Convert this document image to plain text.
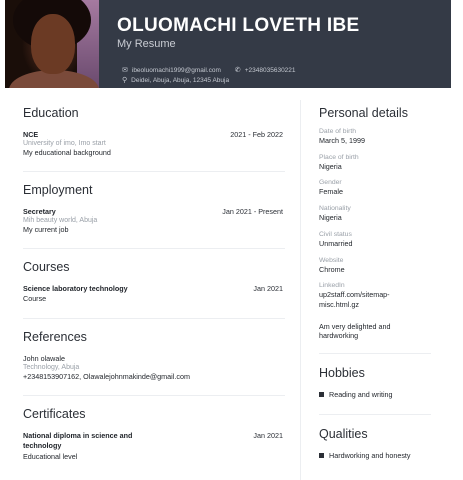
OLUOMACHI LOVETH IBE
My Resume
✉ ibeoluomachi1999@gmail.com ✆ +2348035630221
⚲ Deidei, Abuja, Abuja, 12345 Abuja
Education
NCE	2021 - Feb 2022
University of imo, Imo start
My educational background
Employment
Secretary	Jan 2021 - Present
Mih beauty world, Abuja
My current job
Courses
Science laboratory technology	Jan 2021
Course
References
John olawale
Technology, Abuja
+2348153907162, Olawalejohnmakinde@gmail.com
Certificates
National diploma in science and technology
Jan 2021
Educational level
Personal details
Date of birth
March 5, 1999
Place of birth
Nigeria
Gender
Female
Nationality
Nigeria
Civil status
Unmarried
Website
Chrome
LinkedIn
up2staff.com/sitemap-misc.html.gz
Am very delighted and hardworking
Hobbies
Reading and writing
Qualities
Hardworking and honesty
